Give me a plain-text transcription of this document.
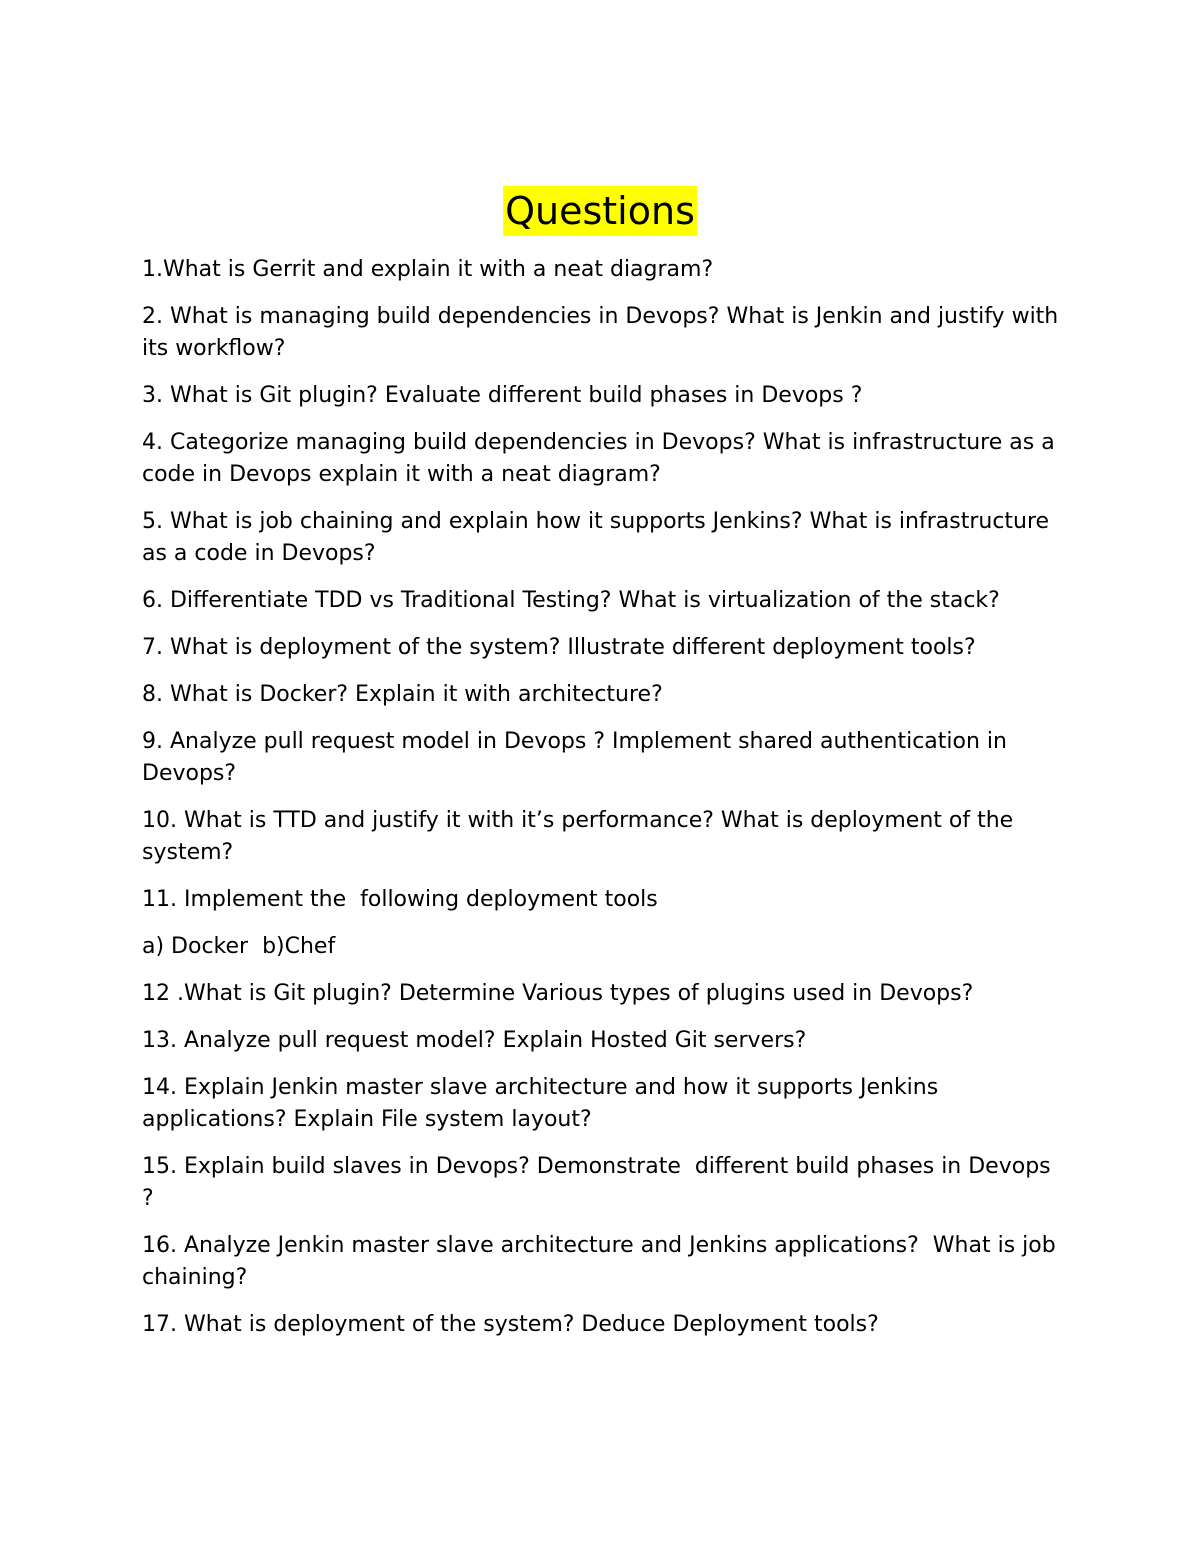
Questions

1.What is Gerrit and explain it with a neat diagram?

2. What is managing build dependencies in Devops? What is Jenkin and justify with its workflow?

3. What is Git plugin? Evaluate different build phases in Devops ?

4. Categorize managing build dependencies in Devops? What is infrastructure as a code in Devops explain it with a neat diagram?

5. What is job chaining and explain how it supports Jenkins? What is infrastructure as a code in Devops?

6. Differentiate TDD vs Traditional Testing? What is virtualization of the stack?

7. What is deployment of the system? Illustrate different deployment tools?

8. What is Docker? Explain it with architecture?

9. Analyze pull request model in Devops ? Implement shared authentication in Devops?

10. What is TTD and justify it with it’s performance? What is deployment of the system?

11. Implement the  following deployment tools

a) Docker  b)Chef

12 .What is Git plugin? Determine Various types of plugins used in Devops?

13. Analyze pull request model? Explain Hosted Git servers?

14. Explain Jenkin master slave architecture and how it supports Jenkins applications? Explain File system layout?

15. Explain build slaves in Devops? Demonstrate  different build phases in Devops ?

16. Analyze Jenkin master slave architecture and Jenkins applications?  What is job chaining?

17. What is deployment of the system? Deduce Deployment tools?
